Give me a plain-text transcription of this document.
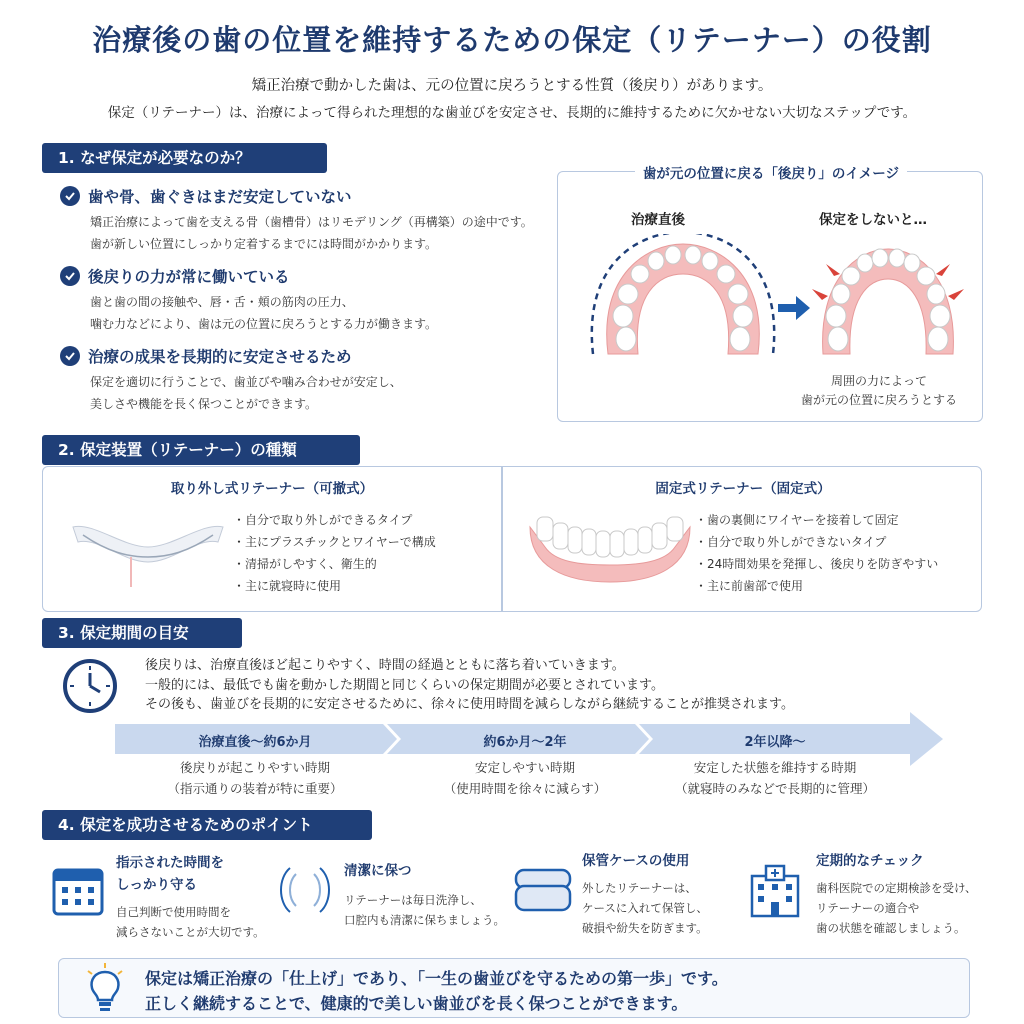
治療後の歯の位置を維持するための保定（リテーナー）の役割
矯正治療で動かした歯は、元の位置に戻ろうとする性質（後戻り）があります。
保定（リテーナー）は、治療によって得られた理想的な歯並びを安定させ、長期的に維持するために欠かせない大切なステップです。
1. なぜ保定が必要なのか？
歯や骨、歯ぐきはまだ安定していない
矯正治療によって歯を支える骨（歯槽骨）はリモデリング（再構築）の途中です。
歯が新しい位置にしっかり定着するまでには時間がかかります。
後戻りの力が常に働いている
歯と歯の間の接触や、唇・舌・頬の筋肉の圧力、
噛む力などにより、歯は元の位置に戻ろうとする力が働きます。
治療の成果を長期的に安定させるため
保定を適切に行うことで、歯並びや噛み合わせが安定し、
美しさや機能を長く保つことができます。
歯が元の位置に戻る「後戻り」のイメージ
治療直後	保定をしないと…
周囲の力によって
歯が元の位置に戻ろうとする
2. 保定装置（リテーナー）の種類
取り外し式リテーナー（可撤式）
・ 自分で取り外しができるタイプ
・ 主にプラスチックとワイヤーで構成
・ 清掃がしやすく、衛生的
・ 主に就寝時に使用
固定式リテーナー（固定式）
・ 歯の裏側にワイヤーを接着して固定
・ 自分で取り外しができないタイプ
・ 24時間効果を発揮し、後戻りを防ぎやすい
・ 主に前歯部で使用
3. 保定期間の目安
後戻りは、治療直後ほど起こりやすく、時間の経過とともに落ち着いていきます。
一般的には、最低でも歯を動かした期間と同じくらいの保定期間が必要とされています。
その後も、歯並びを長期的に安定させるために、徐々に使用時間を減らしながら継続することが推奨されます。
治療直後〜約6か月	約6か月〜2年	2年以降〜
後戻りが起こりやすい時期
（指示通りの装着が特に重要）
安定しやすい時期
（使用時間を徐々に減らす）
安定した状態を維持する時期
（就寝時のみなどで長期的に管理）
4. 保定を成功させるためのポイント
指示された時間を
しっかり守る
自己判断で使用時間を
減らさないことが大切です。
清潔に保つ
リテーナーは毎日洗浄し、
口腔内も清潔に保ちましょう。
保管ケースの使用
外したリテーナーは、
ケースに入れて保管し、
破損や紛失を防ぎます。
定期的なチェック
歯科医院での定期検診を受け、
リテーナーの適合や
歯の状態を確認しましょう。
保定は矯正治療の「仕上げ」であり、「一生の歯並びを守るための第一歩」です。
正しく継続することで、健康的で美しい歯並びを長く保つことができます。
